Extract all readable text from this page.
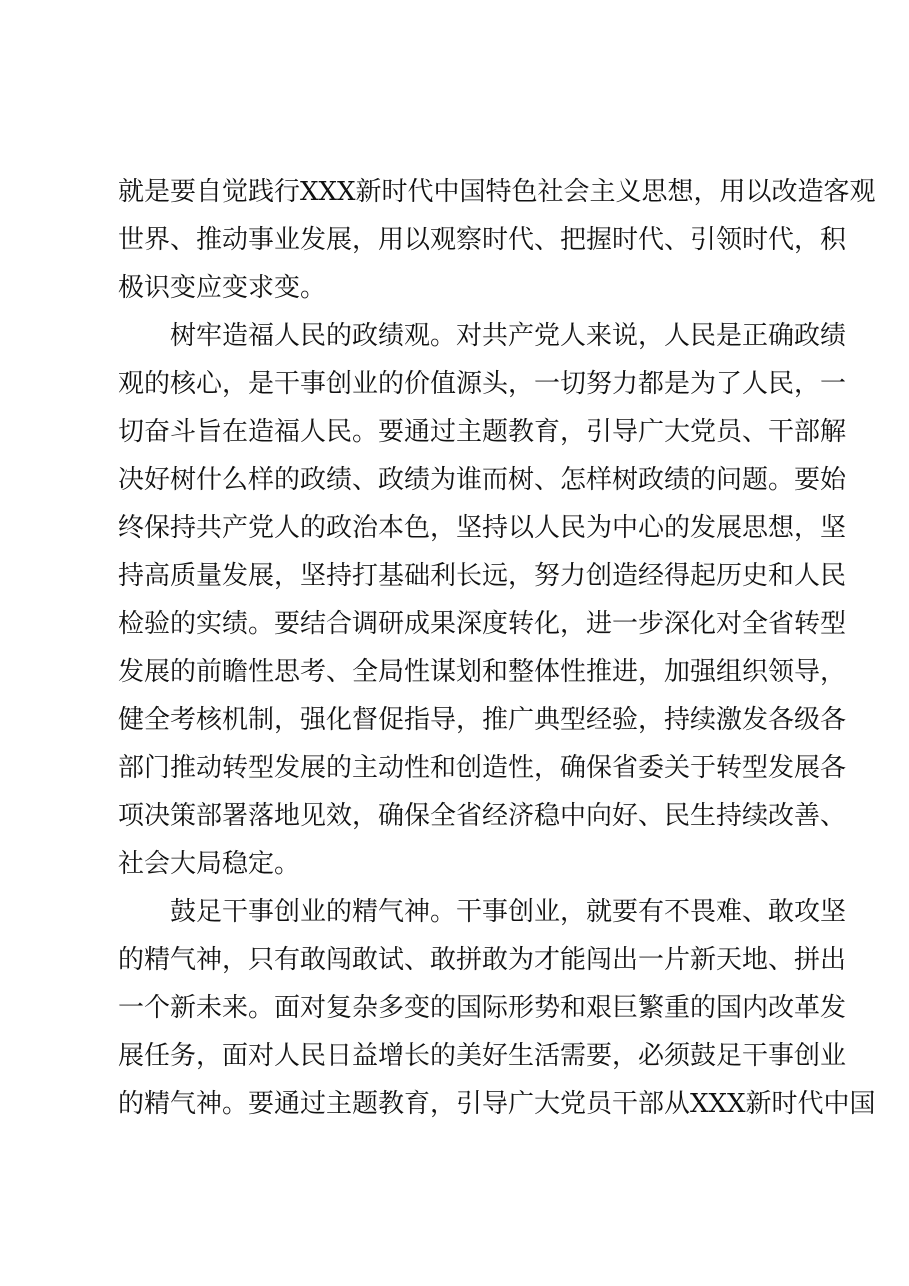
就是要自觉践行XXX新时代中国特色社会主义思想，用以改造客观
世界、推动事业发展，用以观察时代、把握时代、引领时代，积
极识变应变求变。
树牢造福人民的政绩观。对共产党人来说，人民是正确政绩
观的核心，是干事创业的价值源头，一切努力都是为了人民，一
切奋斗旨在造福人民。要通过主题教育，引导广大党员、干部解
决好树什么样的政绩、政绩为谁而树、怎样树政绩的问题。要始
终保持共产党人的政治本色，坚持以人民为中心的发展思想，坚
持高质量发展，坚持打基础利长远，努力创造经得起历史和人民
检验的实绩。要结合调研成果深度转化，进一步深化对全省转型
发展的前瞻性思考、全局性谋划和整体性推进，加强组织领导，
健全考核机制，强化督促指导，推广典型经验，持续激发各级各
部门推动转型发展的主动性和创造性，确保省委关于转型发展各
项决策部署落地见效，确保全省经济稳中向好、民生持续改善、
社会大局稳定。
鼓足干事创业的精气神。干事创业，就要有不畏难、敢攻坚
的精气神，只有敢闯敢试、敢拼敢为才能闯出一片新天地、拼出
一个新未来。面对复杂多变的国际形势和艰巨繁重的国内改革发
展任务，面对人民日益增长的美好生活需要，必须鼓足干事创业
的精气神。要通过主题教育，引导广大党员干部从XXX新时代中国
